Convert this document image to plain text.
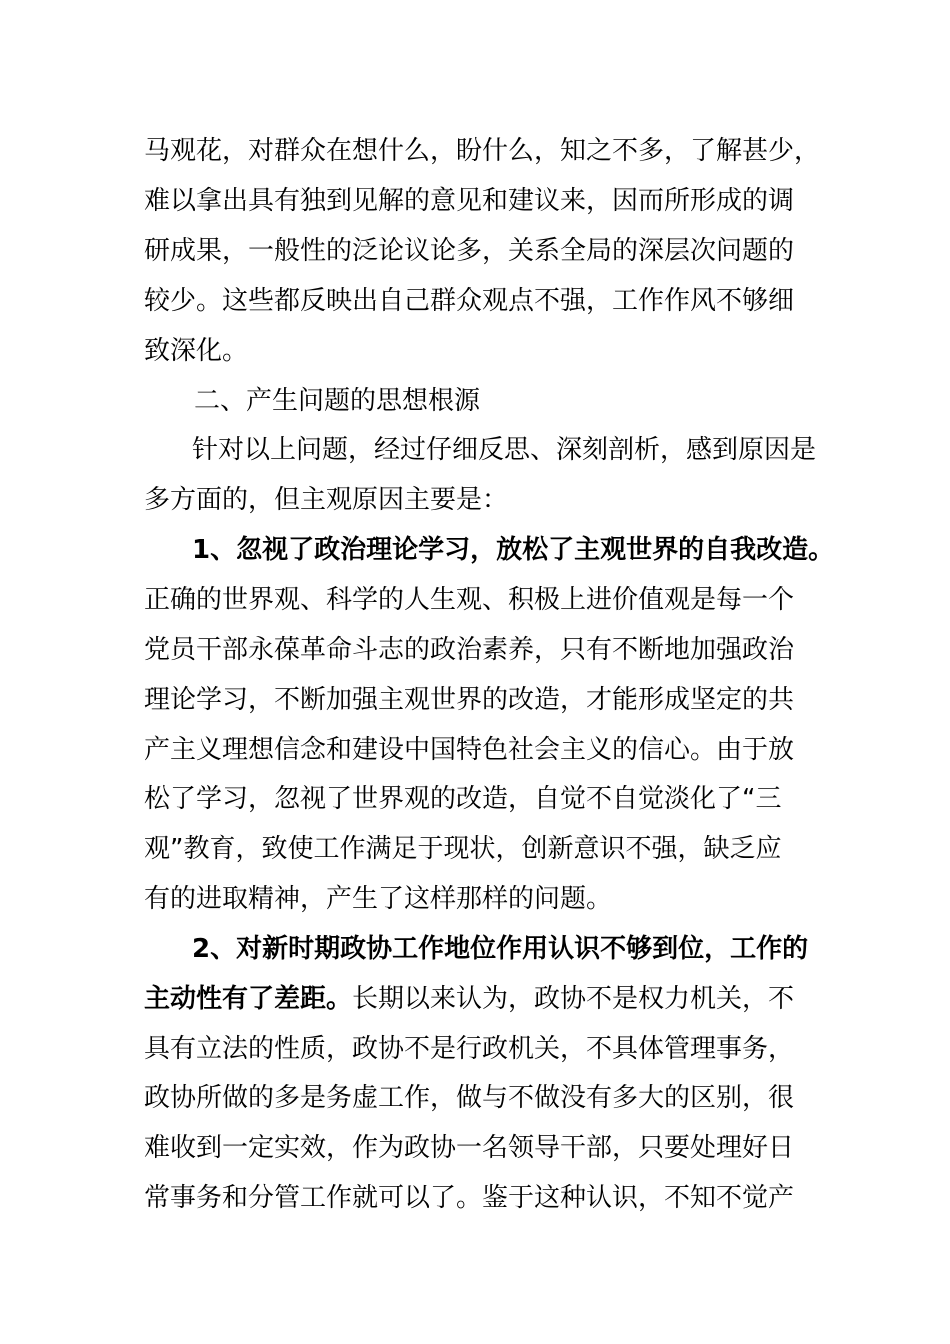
马观花，对群众在想什么，盼什么，知之不多，了解甚少，
难以拿出具有独到见解的意见和建议来，因而所形成的调
研成果，一般性的泛论议论多，关系全局的深层次问题的
较少。这些都反映出自己群众观点不强，工作作风不够细
致深化。
二、产生问题的思想根源
针对以上问题，经过仔细反思、深刻剖析，感到原因是
多方面的，但主观原因主要是：
1、忽视了政治理论学习，放松了主观世界的自我改造。
正确的世界观、科学的人生观、积极上进价值观是每一个
党员干部永葆革命斗志的政治素养，只有不断地加强政治
理论学习，不断加强主观世界的改造，才能形成坚定的共
产主义理想信念和建设中国特色社会主义的信心。由于放
松了学习，忽视了世界观的改造，自觉不自觉淡化了“三
观”教育，致使工作满足于现状，创新意识不强，缺乏应
有的进取精神，产生了这样那样的问题。
2、对新时期政协工作地位作用认识不够到位，工作的
主动性有了差距。长期以来认为，政协不是权力机关，不
具有立法的性质，政协不是行政机关，不具体管理事务，
政协所做的多是务虚工作，做与不做没有多大的区别，很
难收到一定实效，作为政协一名领导干部，只要处理好日
常事务和分管工作就可以了。鉴于这种认识，不知不觉产
